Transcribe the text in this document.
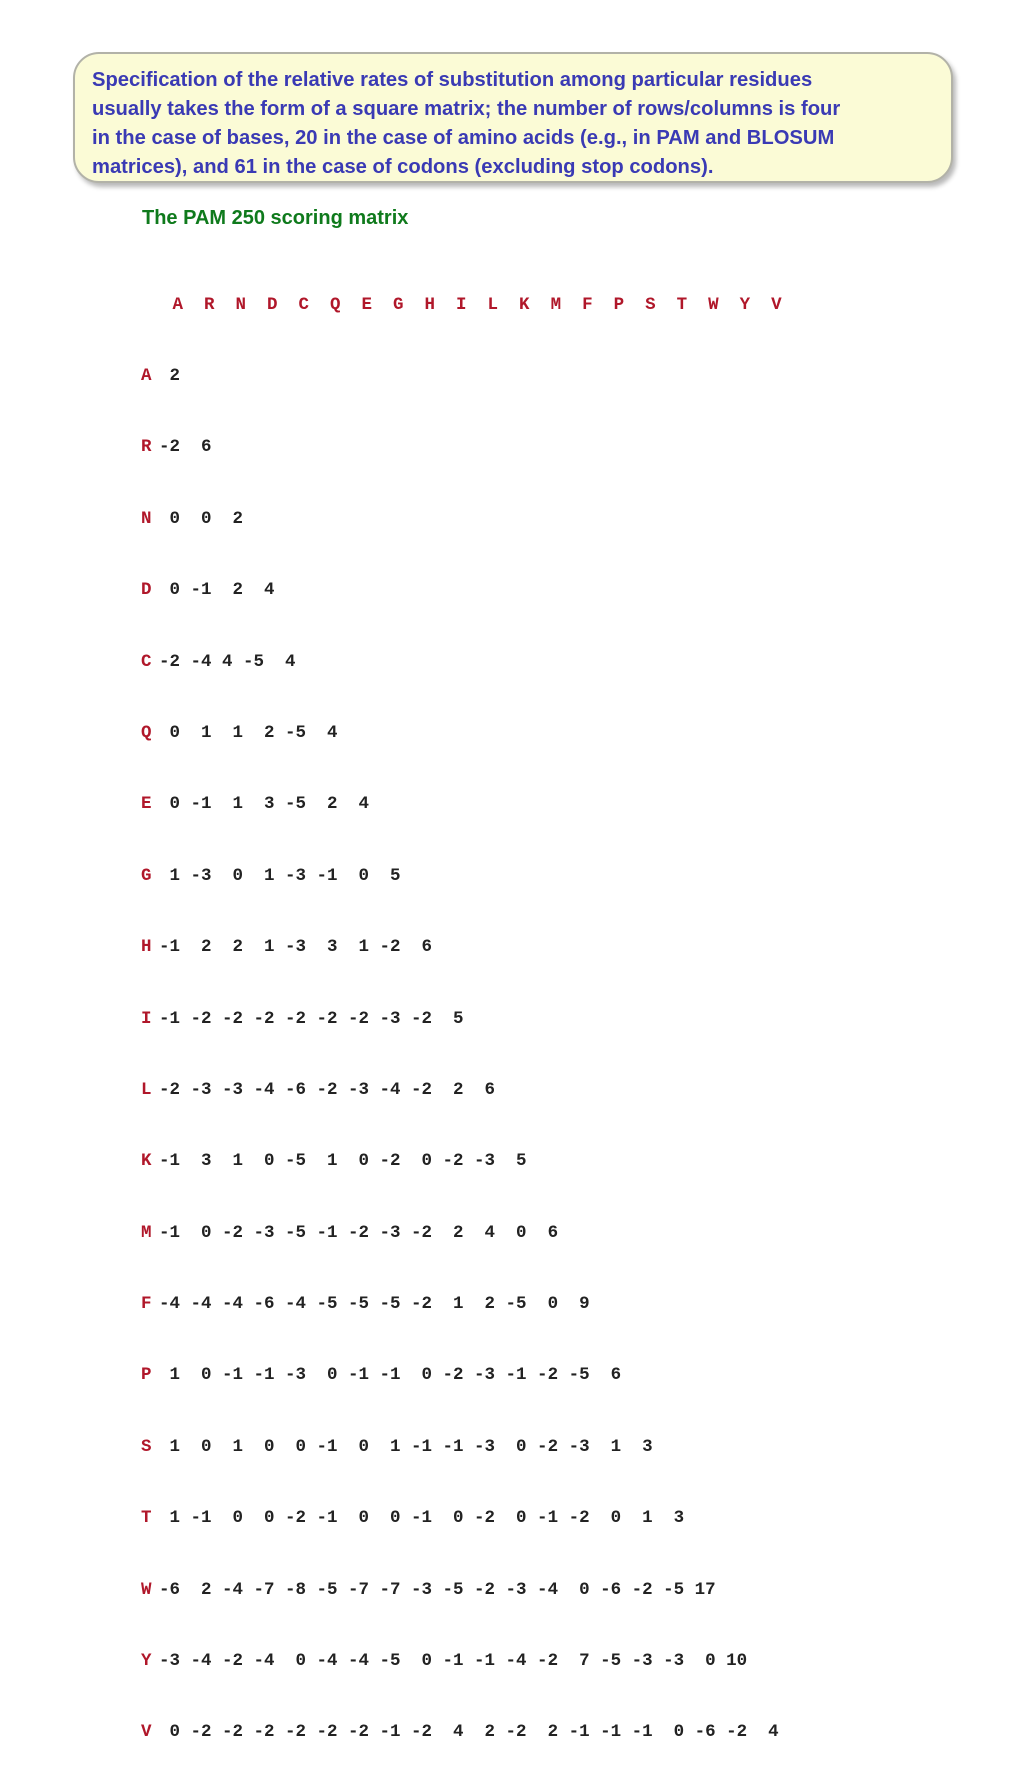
Specification of the relative rates of substitution among particular residues
usually takes the form of a square matrix; the number of rows/columns is four
in the case of bases, 20 in the case of amino acids (e.g., in PAM and BLOSUM
matrices), and 61 in the case of codons (excluding stop codons).

The PAM 250 scoring matrix

A  R  N  D  C  Q  E  G  H  I  L  K  M  F  P  S  T  W  Y  V

A 2

R -2  6

N 0  0  2

D 0 -1  2  4

C -2 -4 4 -5  4

Q 0  1  1  2 -5  4

E 0 -1  1  3 -5  2  4

G 1 -3  0  1 -3 -1  0  5

H -1  2  2  1 -3  3  1 -2  6

I -1 -2 -2 -2 -2 -2 -2 -3 -2  5

L -2 -3 -3 -4 -6 -2 -3 -4 -2  2  6

K -1  3  1  0 -5  1  0 -2  0 -2 -3  5

M -1  0 -2 -3 -5 -1 -2 -3 -2  2  4  0  6

F -4 -4 -4 -6 -4 -5 -5 -5 -2  1  2 -5  0  9

P 1  0 -1 -1 -3  0 -1 -1  0 -2 -3 -1 -2 -5  6

S 1  0  1  0  0 -1  0  1 -1 -1 -3  0 -2 -3  1  3

T 1 -1  0  0 -2 -1  0  0 -1  0 -2  0 -1 -2  0  1  3

W -6  2 -4 -7 -8 -5 -7 -7 -3 -5 -2 -3 -4  0 -6 -2 -5 17

Y -3 -4 -2 -4  0 -4 -4 -5  0 -1 -1 -4 -2  7 -5 -3 -3  0 10

V 0 -2 -2 -2 -2 -2 -2 -1 -2  4  2 -2  2 -1 -1 -1  0 -6 -2  4
